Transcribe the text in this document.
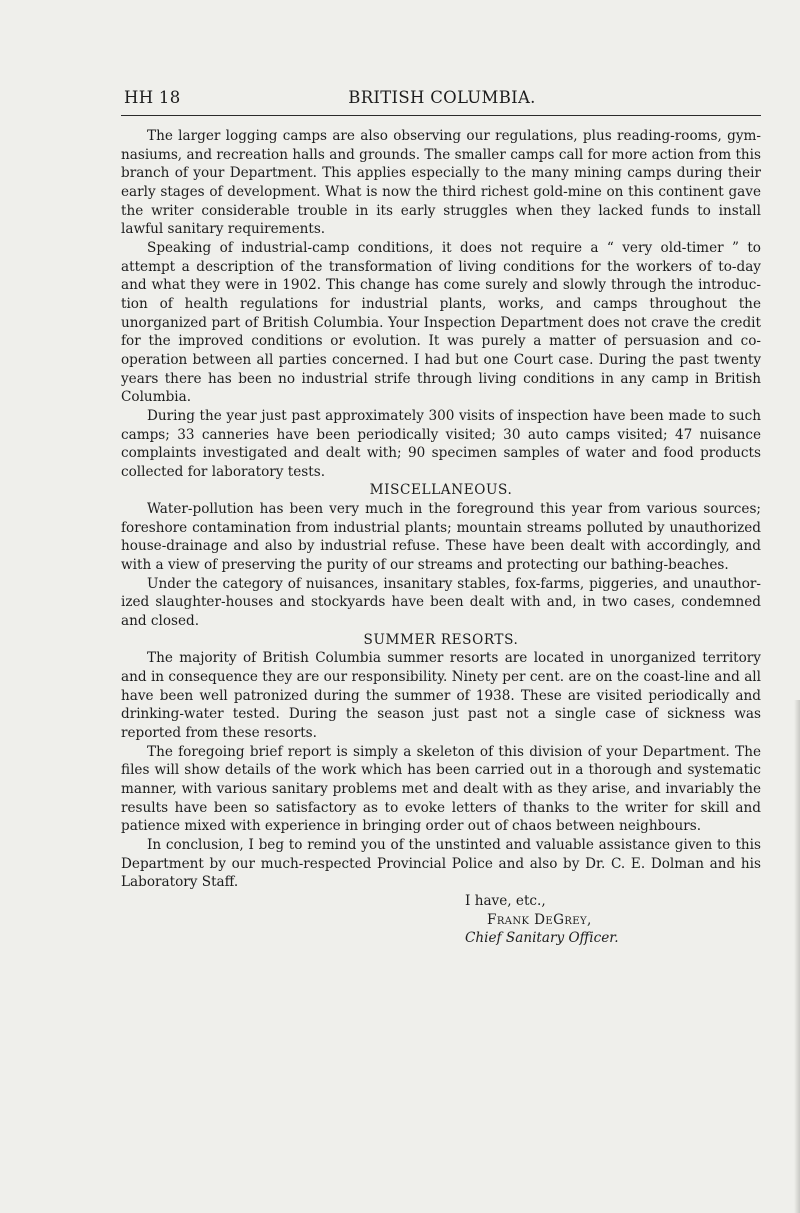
HH 18	BRITISH COLUMBIA.

The larger logging camps are also observing our regulations, plus reading-rooms, gymnasiums, and recreation halls and grounds. The smaller camps call for more action from this branch of your Department. This applies especially to the many mining camps during their early stages of development. What is now the third richest gold-mine on this continent gave the writer considerable trouble in its early struggles when they lacked funds to install lawful sanitary requirements.

Speaking of industrial-camp conditions, it does not require a “ very old-timer ” to attempt a description of the transformation of living conditions for the workers of to-day and what they were in 1902. This change has come surely and slowly through the introduction of health regulations for industrial plants, works, and camps throughout the unorganized part of British Columbia. Your Inspection Department does not crave the credit for the improved conditions or evolution. It was purely a matter of persuasion and co-operation between all parties concerned. I had but one Court case. During the past twenty years there has been no industrial strife through living conditions in any camp in British Columbia.

During the year just past approximately 300 visits of inspection have been made to such camps; 33 canneries have been periodically visited; 30 auto camps visited; 47 nuisance complaints investigated and dealt with; 90 specimen samples of water and food products collected for laboratory tests.

MISCELLANEOUS.

Water-pollution has been very much in the foreground this year from various sources; foreshore contamination from industrial plants; mountain streams polluted by unauthorized house-drainage and also by industrial refuse. These have been dealt with accordingly, and with a view of preserving the purity of our streams and protecting our bathing-beaches.

Under the category of nuisances, insanitary stables, fox-farms, piggeries, and unauthorized slaughter-houses and stockyards have been dealt with and, in two cases, condemned and closed.

SUMMER RESORTS.

The majority of British Columbia summer resorts are located in unorganized territory and in consequence they are our responsibility. Ninety per cent. are on the coast-line and all have been well patronized during the summer of 1938. These are visited periodically and drinking-water tested. During the season just past not a single case of sickness was reported from these resorts.

The foregoing brief report is simply a skeleton of this division of your Department. The files will show details of the work which has been carried out in a thorough and systematic manner, with various sanitary problems met and dealt with as they arise, and invariably the results have been so satisfactory as to evoke letters of thanks to the writer for skill and patience mixed with experience in bringing order out of chaos between neighbours.

In conclusion, I beg to remind you of the unstinted and valuable assistance given to this Department by our much-respected Provincial Police and also by Dr. C. E. Dolman and his Laboratory Staff.

I have, etc.,

Frank DeGrey,

Chief Sanitary Officer.
